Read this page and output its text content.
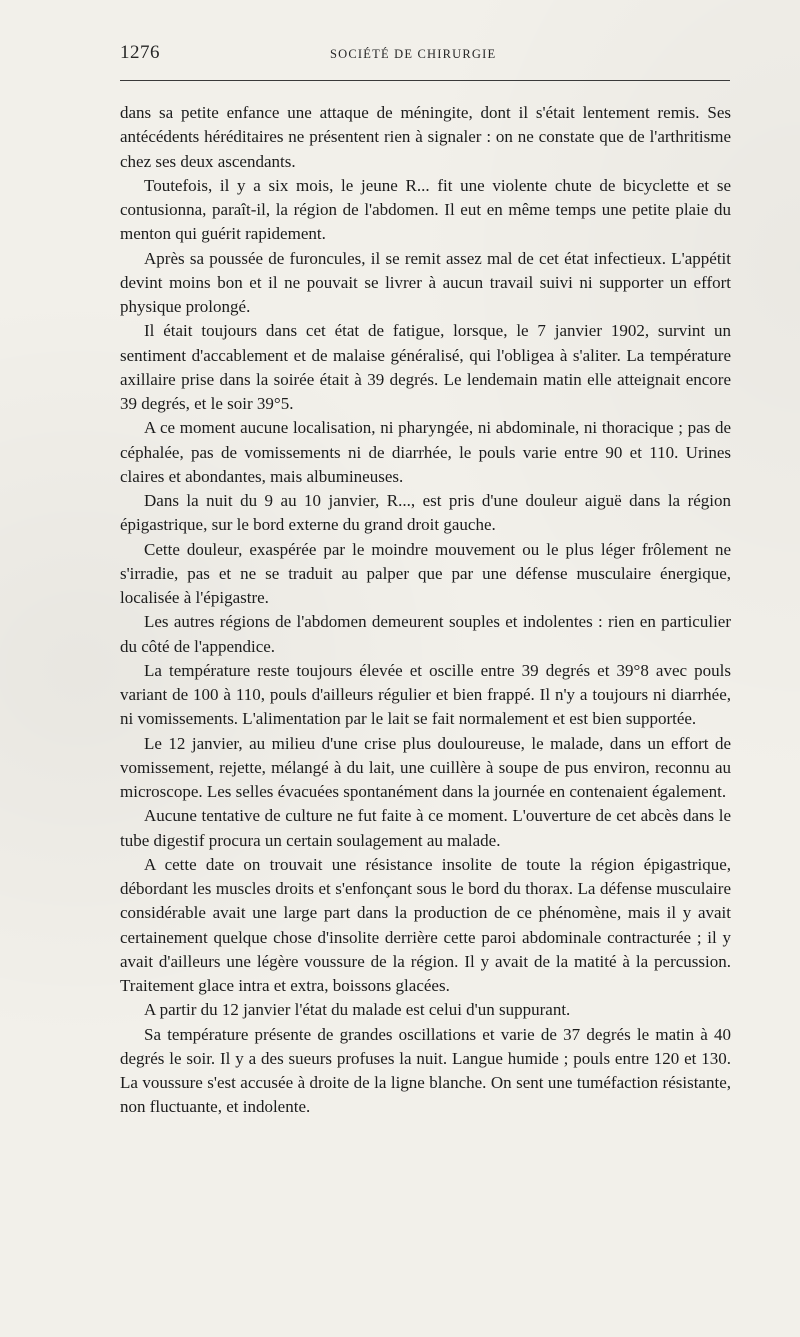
1276	SOCIÉTÉ DE CHIRURGIE

dans sa petite enfance une attaque de méningite, dont il s'était lentement remis. Ses antécédents héréditaires ne présentent rien à signaler : on ne constate que de l'arthritisme chez ses deux ascendants.

Toutefois, il y a six mois, le jeune R... fit une violente chute de bicyclette et se contusionna, paraît-il, la région de l'abdomen. Il eut en même temps une petite plaie du menton qui guérit rapidement.

Après sa poussée de furoncules, il se remit assez mal de cet état infectieux. L'appétit devint moins bon et il ne pouvait se livrer à aucun travail suivi ni supporter un effort physique prolongé.

Il était toujours dans cet état de fatigue, lorsque, le 7 janvier 1902, survint un sentiment d'accablement et de malaise généralisé, qui l'obligea à s'aliter. La température axillaire prise dans la soirée était à 39 degrés. Le lendemain matin elle atteignait encore 39 degrés, et le soir 39°5.

A ce moment aucune localisation, ni pharyngée, ni abdominale, ni thoracique ; pas de céphalée, pas de vomissements ni de diarrhée, le pouls varie entre 90 et 110. Urines claires et abondantes, mais albumineuses.

Dans la nuit du 9 au 10 janvier, R..., est pris d'une douleur aiguë dans la région épigastrique, sur le bord externe du grand droit gauche.

Cette douleur, exaspérée par le moindre mouvement ou le plus léger frôlement ne s'irradie, pas et ne se traduit au palper que par une défense musculaire énergique, localisée à l'épigastre.

Les autres régions de l'abdomen demeurent souples et indolentes : rien en particulier du côté de l'appendice.

La température reste toujours élevée et oscille entre 39 degrés et 39°8 avec pouls variant de 100 à 110, pouls d'ailleurs régulier et bien frappé. Il n'y a toujours ni diarrhée, ni vomissements. L'alimentation par le lait se fait normalement et est bien supportée.

Le 12 janvier, au milieu d'une crise plus douloureuse, le malade, dans un effort de vomissement, rejette, mélangé à du lait, une cuillère à soupe de pus environ, reconnu au microscope. Les selles évacuées spontanément dans la journée en contenaient également.

Aucune tentative de culture ne fut faite à ce moment. L'ouverture de cet abcès dans le tube digestif procura un certain soulagement au malade.

A cette date on trouvait une résistance insolite de toute la région épigastrique, débordant les muscles droits et s'enfonçant sous le bord du thorax. La défense musculaire considérable avait une large part dans la production de ce phénomène, mais il y avait certainement quelque chose d'insolite derrière cette paroi abdominale contracturée ; il y avait d'ailleurs une légère voussure de la région. Il y avait de la matité à la percussion. Traitement glace intra et extra, boissons glacées.

A partir du 12 janvier l'état du malade est celui d'un suppurant.

Sa température présente de grandes oscillations et varie de 37 degrés le matin à 40 degrés le soir. Il y a des sueurs profuses la nuit. Langue humide ; pouls entre 120 et 130. La voussure s'est accusée à droite de la ligne blanche. On sent une tuméfaction résistante, non fluctuante, et indolente.
